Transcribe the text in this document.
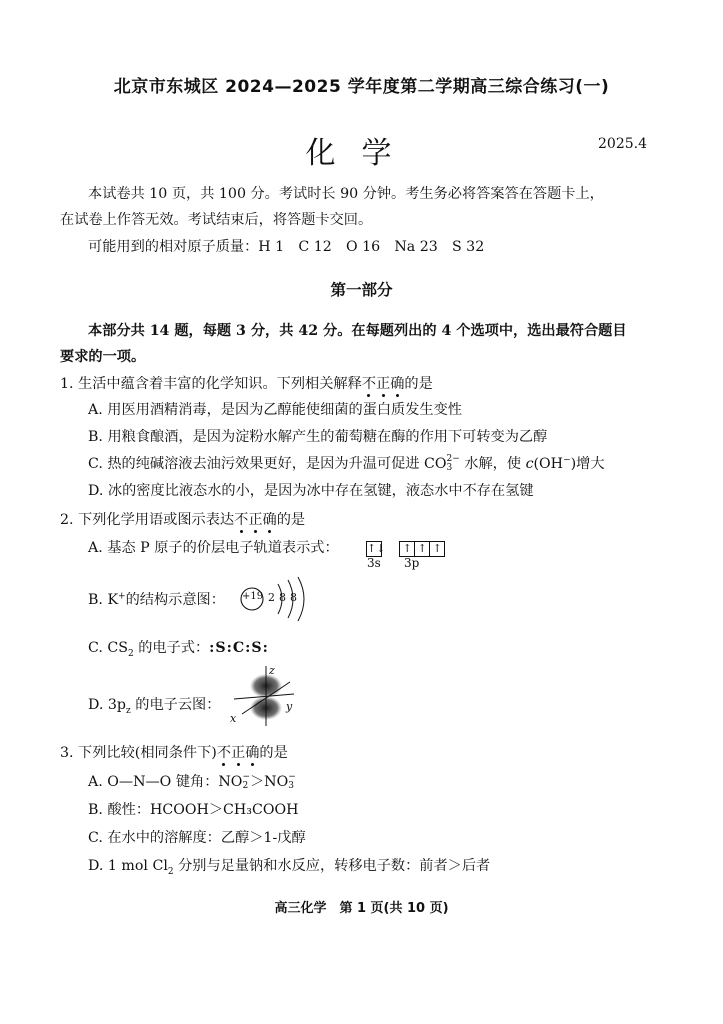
北京市东城区 2024—2025 学年度第二学期高三综合练习(一)
化学	2025.4
本试卷共 10 页，共 100 分。考试时长 90 分钟。考生务必将答案答在答题卡上，
在试卷上作答无效。考试结束后，将答题卡交回。
可能用到的相对原子质量：H 1　C 12　O 16　Na 23　S 32
第一部分
本部分共 14 题，每题 3 分，共 42 分。在每题列出的 4 个选项中，选出最符合题目
要求的一项。
1. 生活中蕴含着丰富的化学知识。下列相关解释不正确的是
A. 用医用酒精消毒，是因为乙醇能使细菌的蛋白质发生变性
B. 用粮食酿酒，是因为淀粉水解产生的葡萄糖在酶的作用下可转变为乙醇
C. 热的纯碱溶液去油污效果更好，是因为升温可促进 CO 2−
3 水解，使 c(OH−)增大
D. 冰的密度比液态水的小，是因为冰中存在氢键，液态水中不存在氢键
2. 下列化学用语或图示表达不正确的是
A. 基态 P 原子的价层电子轨道表示式：	↑↓ ↑ ↑ ↑
3s 3p
B. K+的结构示意图： +19 2 8 8
C. $CS_2$ 的电子式：:S:C:S:
D. $3p_z$ 的电子云图：
z
x
y
3. 下列比较(相同条件下)不正确的是
A. O—N—O 键角：NO −
2 ＞NO −
3
B. 酸性：HCOOH＞CH₃COOH
C. 在水中的溶解度：乙醇＞1-戊醇
D. 1 mol $Cl_2$ 分别与足量钠和水反应，转移电子数：前者＞后者
高三化学　第 1 页(共 10 页)
